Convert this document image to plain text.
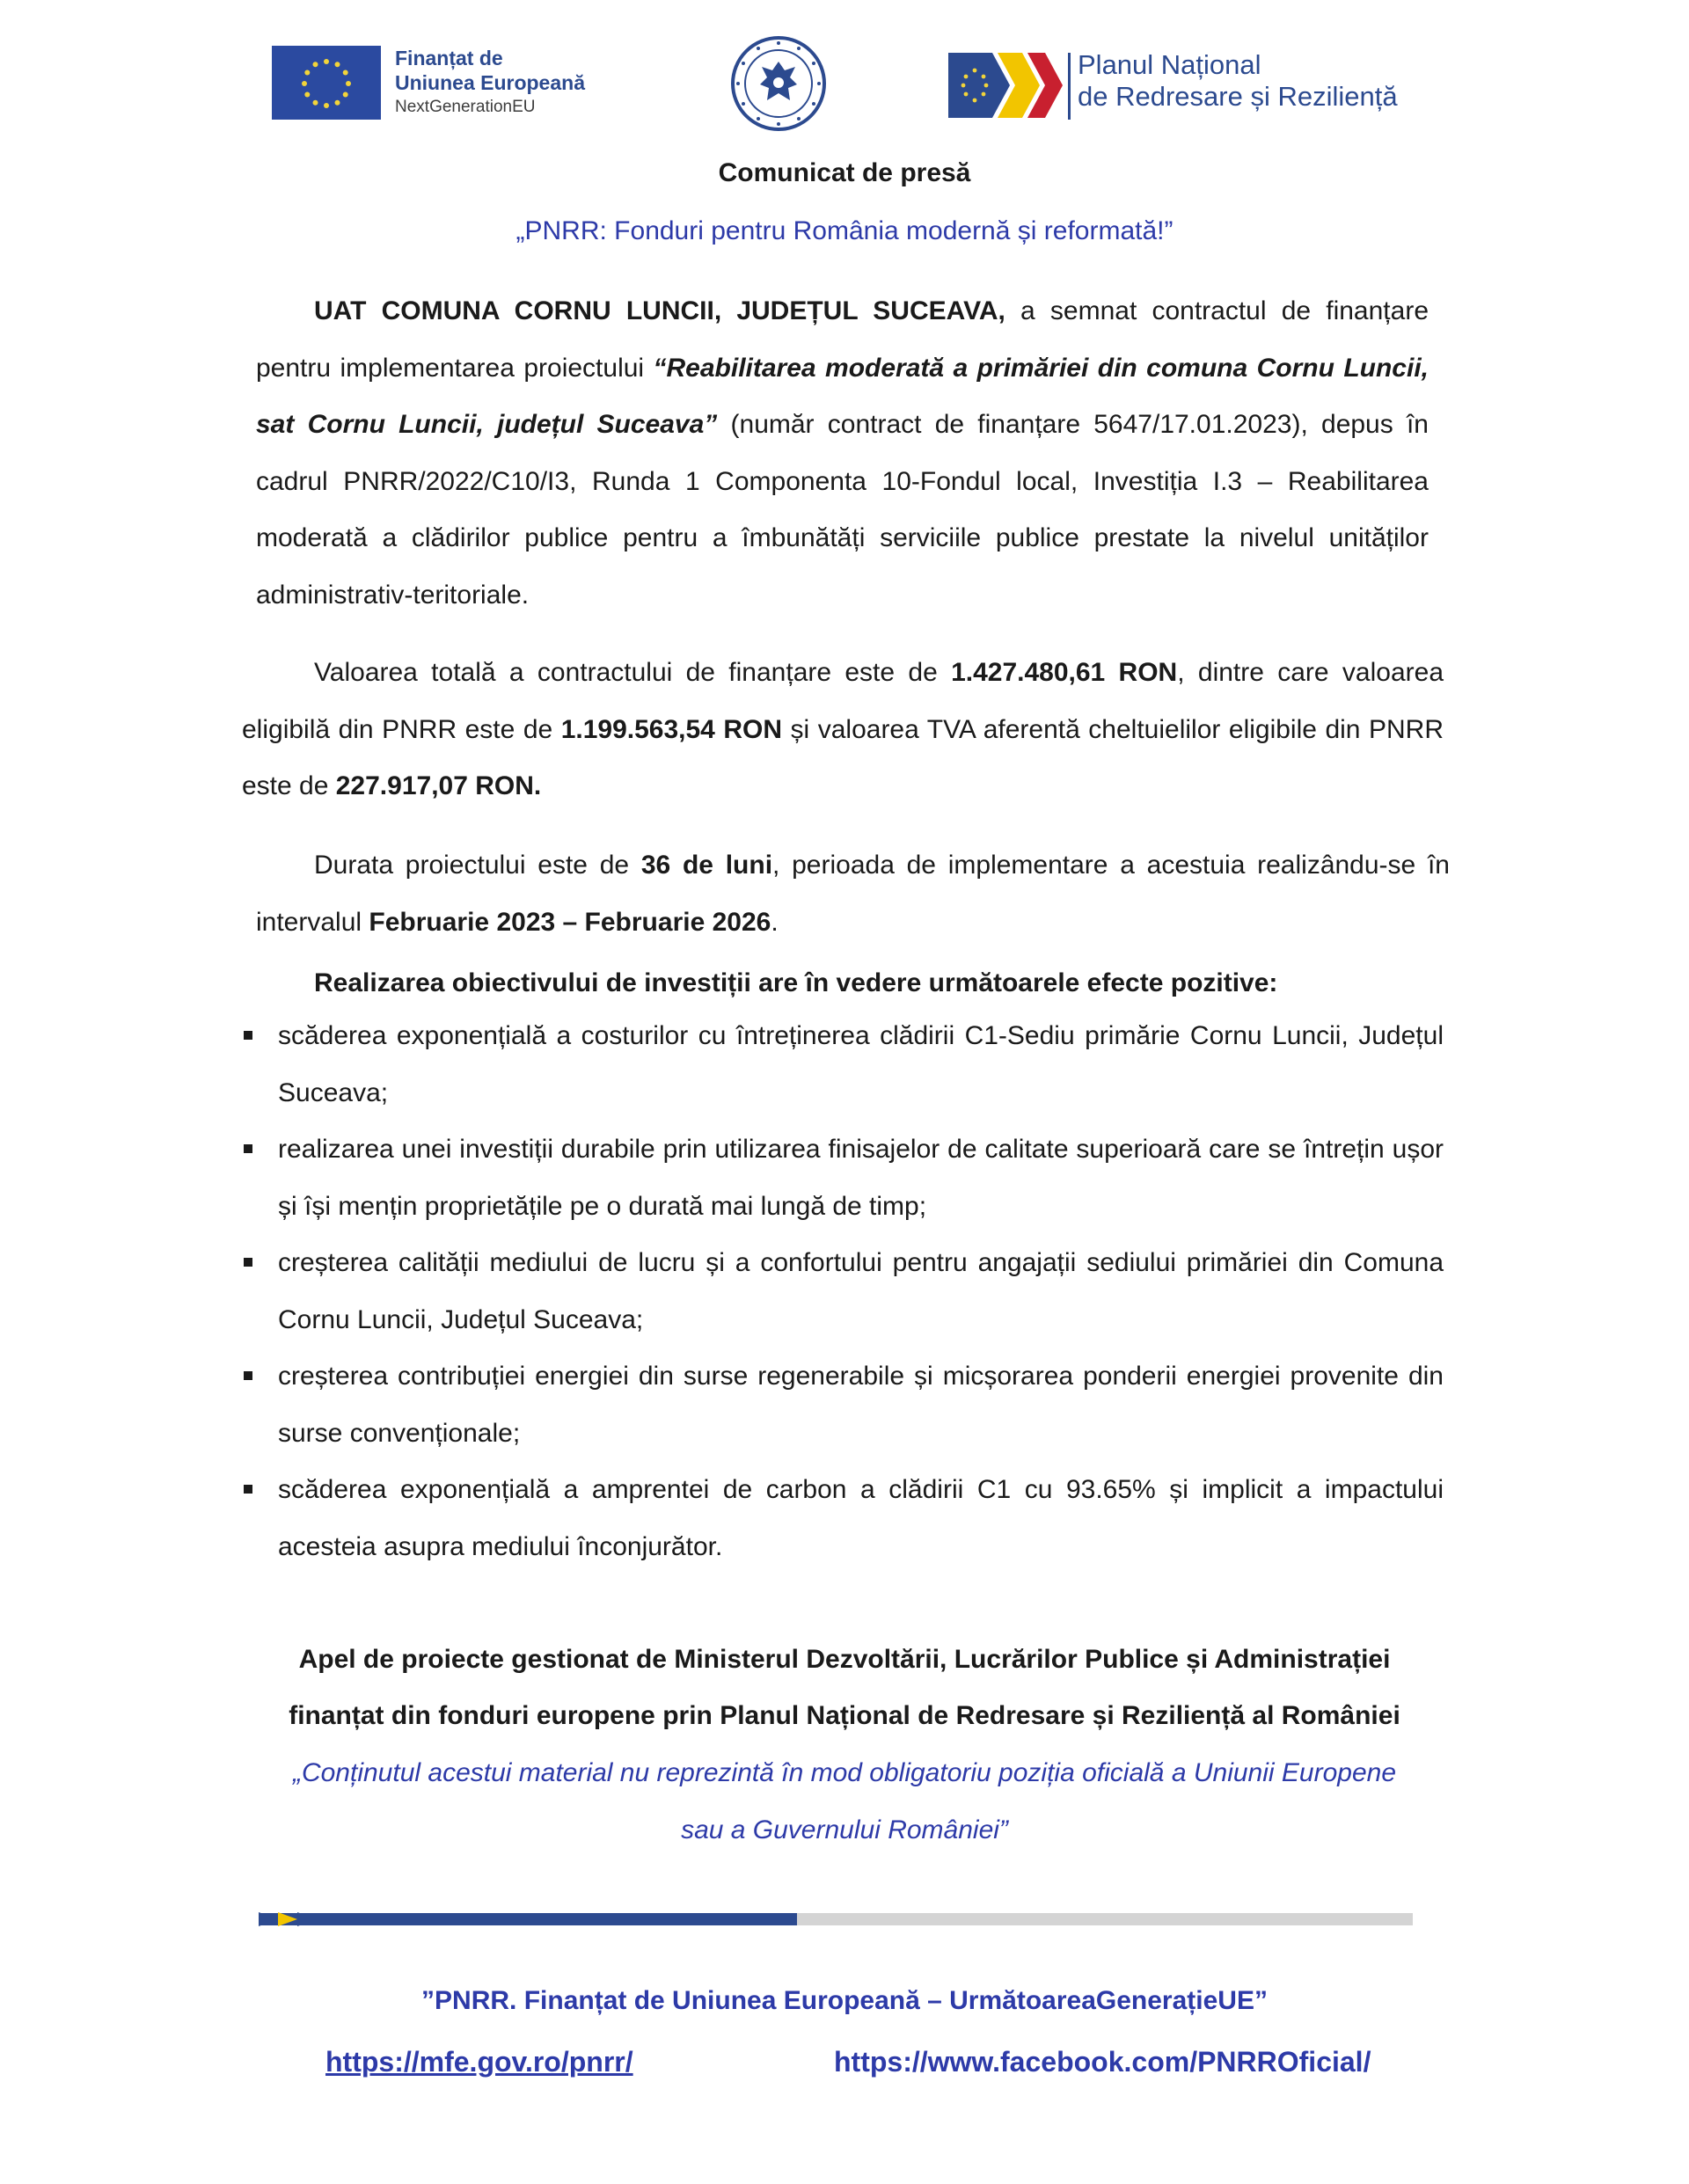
Finanțat de
Uniunea Europeană
NextGenerationEU
Planul Național
de Redresare și Reziliență
Comunicat de presă
„PNRR: Fonduri pentru România modernă și reformată!”

UAT COMUNA CORNU LUNCII, JUDEȚUL SUCEAVA, a semnat contractul de finanțare pentru implementarea proiectului “Reabilitarea moderată a primăriei din comuna Cornu Luncii, sat Cornu Luncii, județul Suceava” (număr contract de finanțare 5647/17.01.2023), depus în cadrul PNRR/2022/C10/I3, Runda 1 Componenta 10-Fondul local, Investiția I.3 – Reabilitarea moderată a clădirilor publice pentru a îmbunătăți serviciile publice prestate la nivelul unităților administrativ-teritoriale.

Valoarea totală a contractului de finanțare este de 1.427.480,61 RON, dintre care valoarea eligibilă din PNRR este de 1.199.563,54 RON și valoarea TVA aferentă cheltuielilor eligibile din PNRR este de 227.917,07 RON.

Durata proiectului este de 36 de luni, perioada de implementare a acestuia realizându-se în intervalul Februarie 2023 – Februarie 2026.

Realizarea obiectivului de investiții are în vedere următoarele efecte pozitive:
scăderea exponențială a costurilor cu întreținerea clădirii C1-Sediu primărie Cornu Luncii, Județul Suceava;
realizarea unei investiții durabile prin utilizarea finisajelor de calitate superioară care se întrețin ușor și își mențin proprietățile pe o durată mai lungă de timp;
creșterea calității mediului de lucru și a confortului pentru angajații sediului primăriei din Comuna Cornu Luncii, Județul Suceava;
creșterea contribuției energiei din surse regenerabile și micșorarea ponderii energiei provenite din surse convenționale;
scăderea exponențială a amprentei de carbon a clădirii C1 cu 93.65% și implicit a impactului acesteia asupra mediului înconjurător.
Apel de proiecte gestionat de Ministerul Dezvoltării, Lucrărilor Publice și Administrației
finanțat din fonduri europene prin Planul Național de Redresare și Reziliență al României
„Conținutul acestui material nu reprezintă în mod obligatoriu poziția oficială a Uniunii Europene sau a Guvernului României”
”PNRR. Finanțat de Uniunea Europeană – UrmătoareaGenerațieUE”
https://mfe.gov.ro/pnrr/	https://www.facebook.com/PNRROficial/
